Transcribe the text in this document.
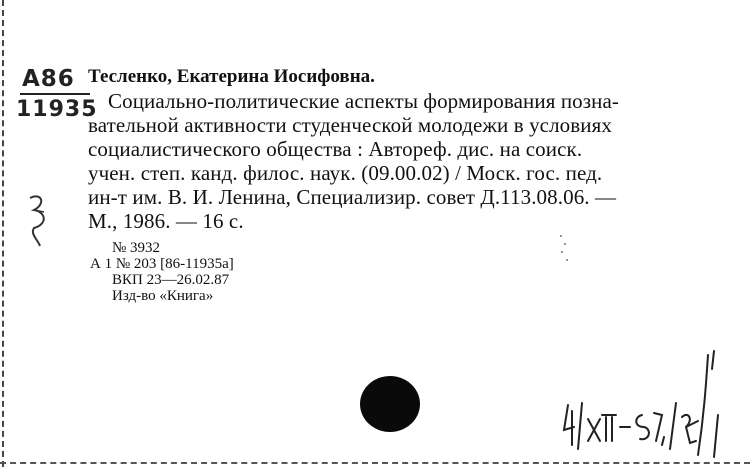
A86
11935
Тесленко, Екатерина Иосифовна.
Социально-политические аспекты формирования позна-
вательной активности студенческой молодежи в условиях
социалистического общества : Автореф. дис. на соиск.
учен. степ. канд. филос. наук. (09.00.02) / Моск. гос. пед.
ин-т им. В. И. Ленина, Специализир. совет Д.113.08.06. —
М., 1986. — 16 с.
№ 3932
А 1 № 203 [86-11935а]
ВКП 23—26.02.87
Изд-во «Книга»
